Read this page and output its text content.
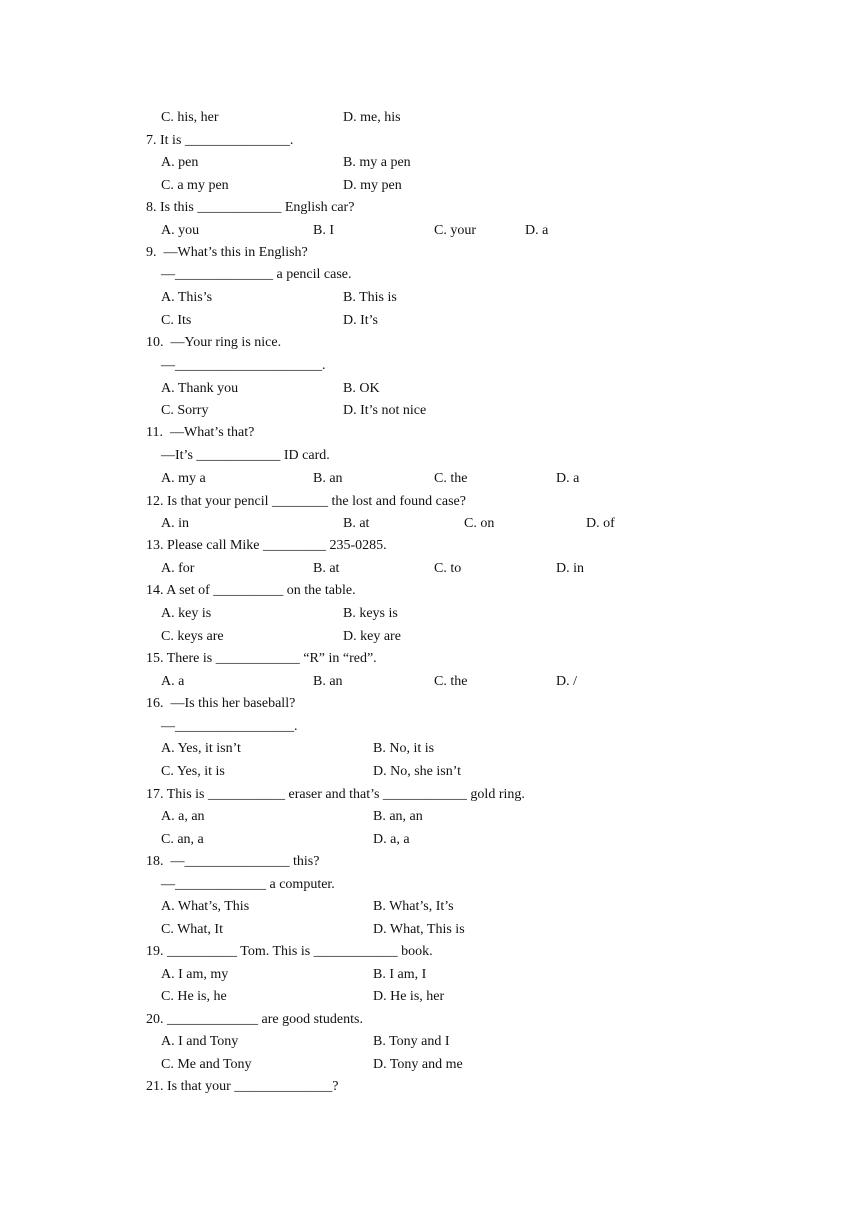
C. his, her	D. me, his
7. It is _______________.
A. pen	B. my a pen
C. a my pen	D. my pen
8. Is this ____________ English car?
A. you	B. I	C. your	D. a
9.  —What’s this in English?
—______________ a pencil case.
A. This’s	B. This is
C. Its	D. It’s
10.  —Your ring is nice.
—_____________________.
A. Thank you	B. OK
C. Sorry	D. It’s not nice
11.  —What’s that?
—It’s ____________ ID card.
A. my a	B. an	C. the	D. a
12. Is that your pencil ________ the lost and found case?
A. in	B. at	C. on	D. of
13. Please call Mike _________ 235-0285.
A. for	B. at	C. to	D. in
14. A set of __________ on the table.
A. key is	B. keys is
C. keys are	D. key are
15. There is ____________ “R” in “red”.
A. a	B. an	C. the	D. /
16.  —Is this her baseball?
—_________________.
A. Yes, it isn’t	B. No, it is
C. Yes, it is	D. No, she isn’t
17. This is ___________ eraser and that’s ____________ gold ring.
A. a, an	B. an, an
C. an, a	D. a, a
18.  —_______________ this?
—_____________ a computer.
A. What’s, This	B. What’s, It’s
C. What, It	D. What, This is
19. __________ Tom. This is ____________ book.
A. I am, my	B. I am, I
C. He is, he	D. He is, her
20. _____________ are good students.
A. I and Tony	B. Tony and I
C. Me and Tony	D. Tony and me
21. Is that your ______________?
